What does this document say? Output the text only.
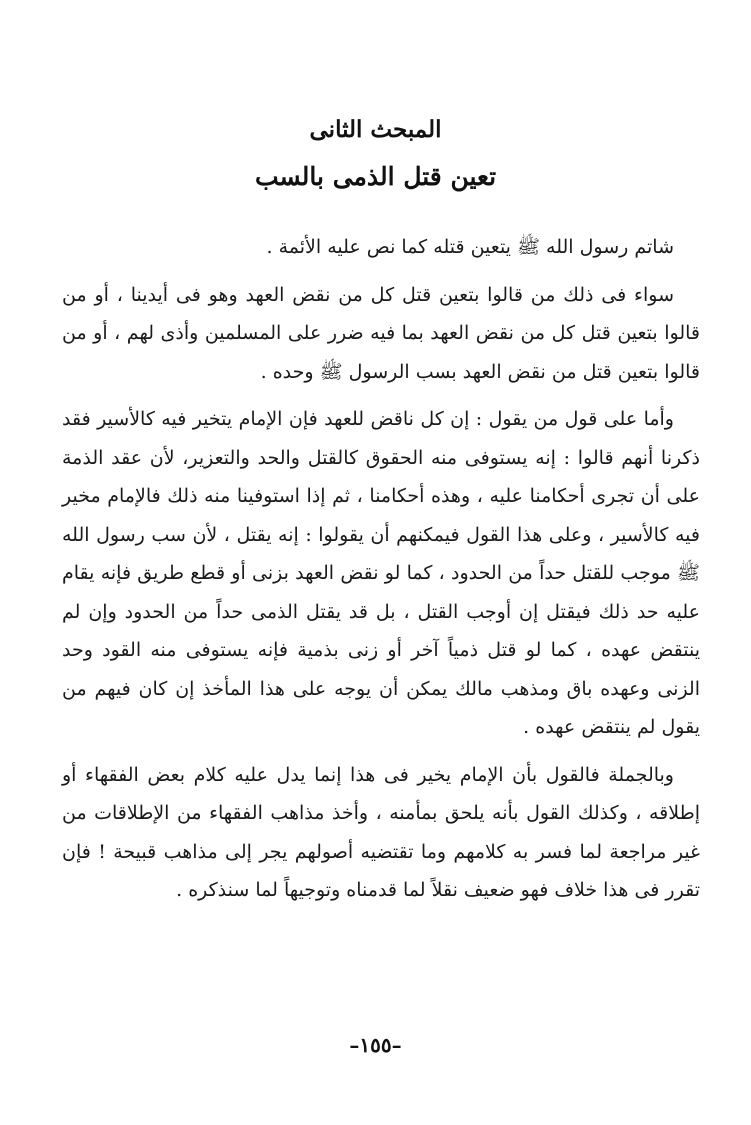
المبحث الثانى
تعين قتل الذمى بالسب

شاتم رسول الله ﷺ يتعين قتله كما نص عليه الأئمة .

سواء فى ذلك من قالوا بتعين قتل كل من نقض العهد وهو فى أيدينا ، أو من قالوا بتعين قتل كل من نقض العهد بما فيه ضرر على المسلمين وأذى لهم ، أو من قالوا بتعين قتل من نقض العهد بسب الرسول ﷺ وحده .

وأما على قول من يقول : إن كل ناقض للعهد فإن الإمام يتخير فيه كالأسير فقد ذكرنا أنهم قالوا : إنه يستوفى منه الحقوق كالقتل والحد والتعزير، لأن عقد الذمة على أن تجرى أحكامنا عليه ، وهذه أحكامنا ، ثم إذا استوفينا منه ذلك فالإمام مخير فيه كالأسير ، وعلى هذا القول فيمكنهم أن يقولوا : إنه يقتل ، لأن سب رسول الله ﷺ موجب للقتل حداً من الحدود ، كما لو نقض العهد بزنى أو قطع طريق فإنه يقام عليه حد ذلك فيقتل إن أوجب القتل ، بل قد يقتل الذمى حداً من الحدود وإن لم ينتقض عهده ، كما لو قتل ذمياً آخر أو زنى بذمية فإنه يستوفى منه القود وحد الزنى وعهده باق ومذهب مالك يمكن أن يوجه على هذا المأخذ إن كان فيهم من يقول لم ينتقض عهده .

وبالجملة فالقول بأن الإمام يخير فى هذا إنما يدل عليه كلام بعض الفقهاء أو إطلاقه ، وكذلك القول بأنه يلحق بمأمنه ، وأخذ مذاهب الفقهاء من الإطلاقات من غير مراجعة لما فسر به كلامهم وما تقتضيه أصولهم يجر إلى مذاهب قبيحة ! فإن تقرر فى هذا خلاف فهو ضعيف نقلاً لما قدمناه وتوجيهاً لما سنذكره .

–١٥٥–
